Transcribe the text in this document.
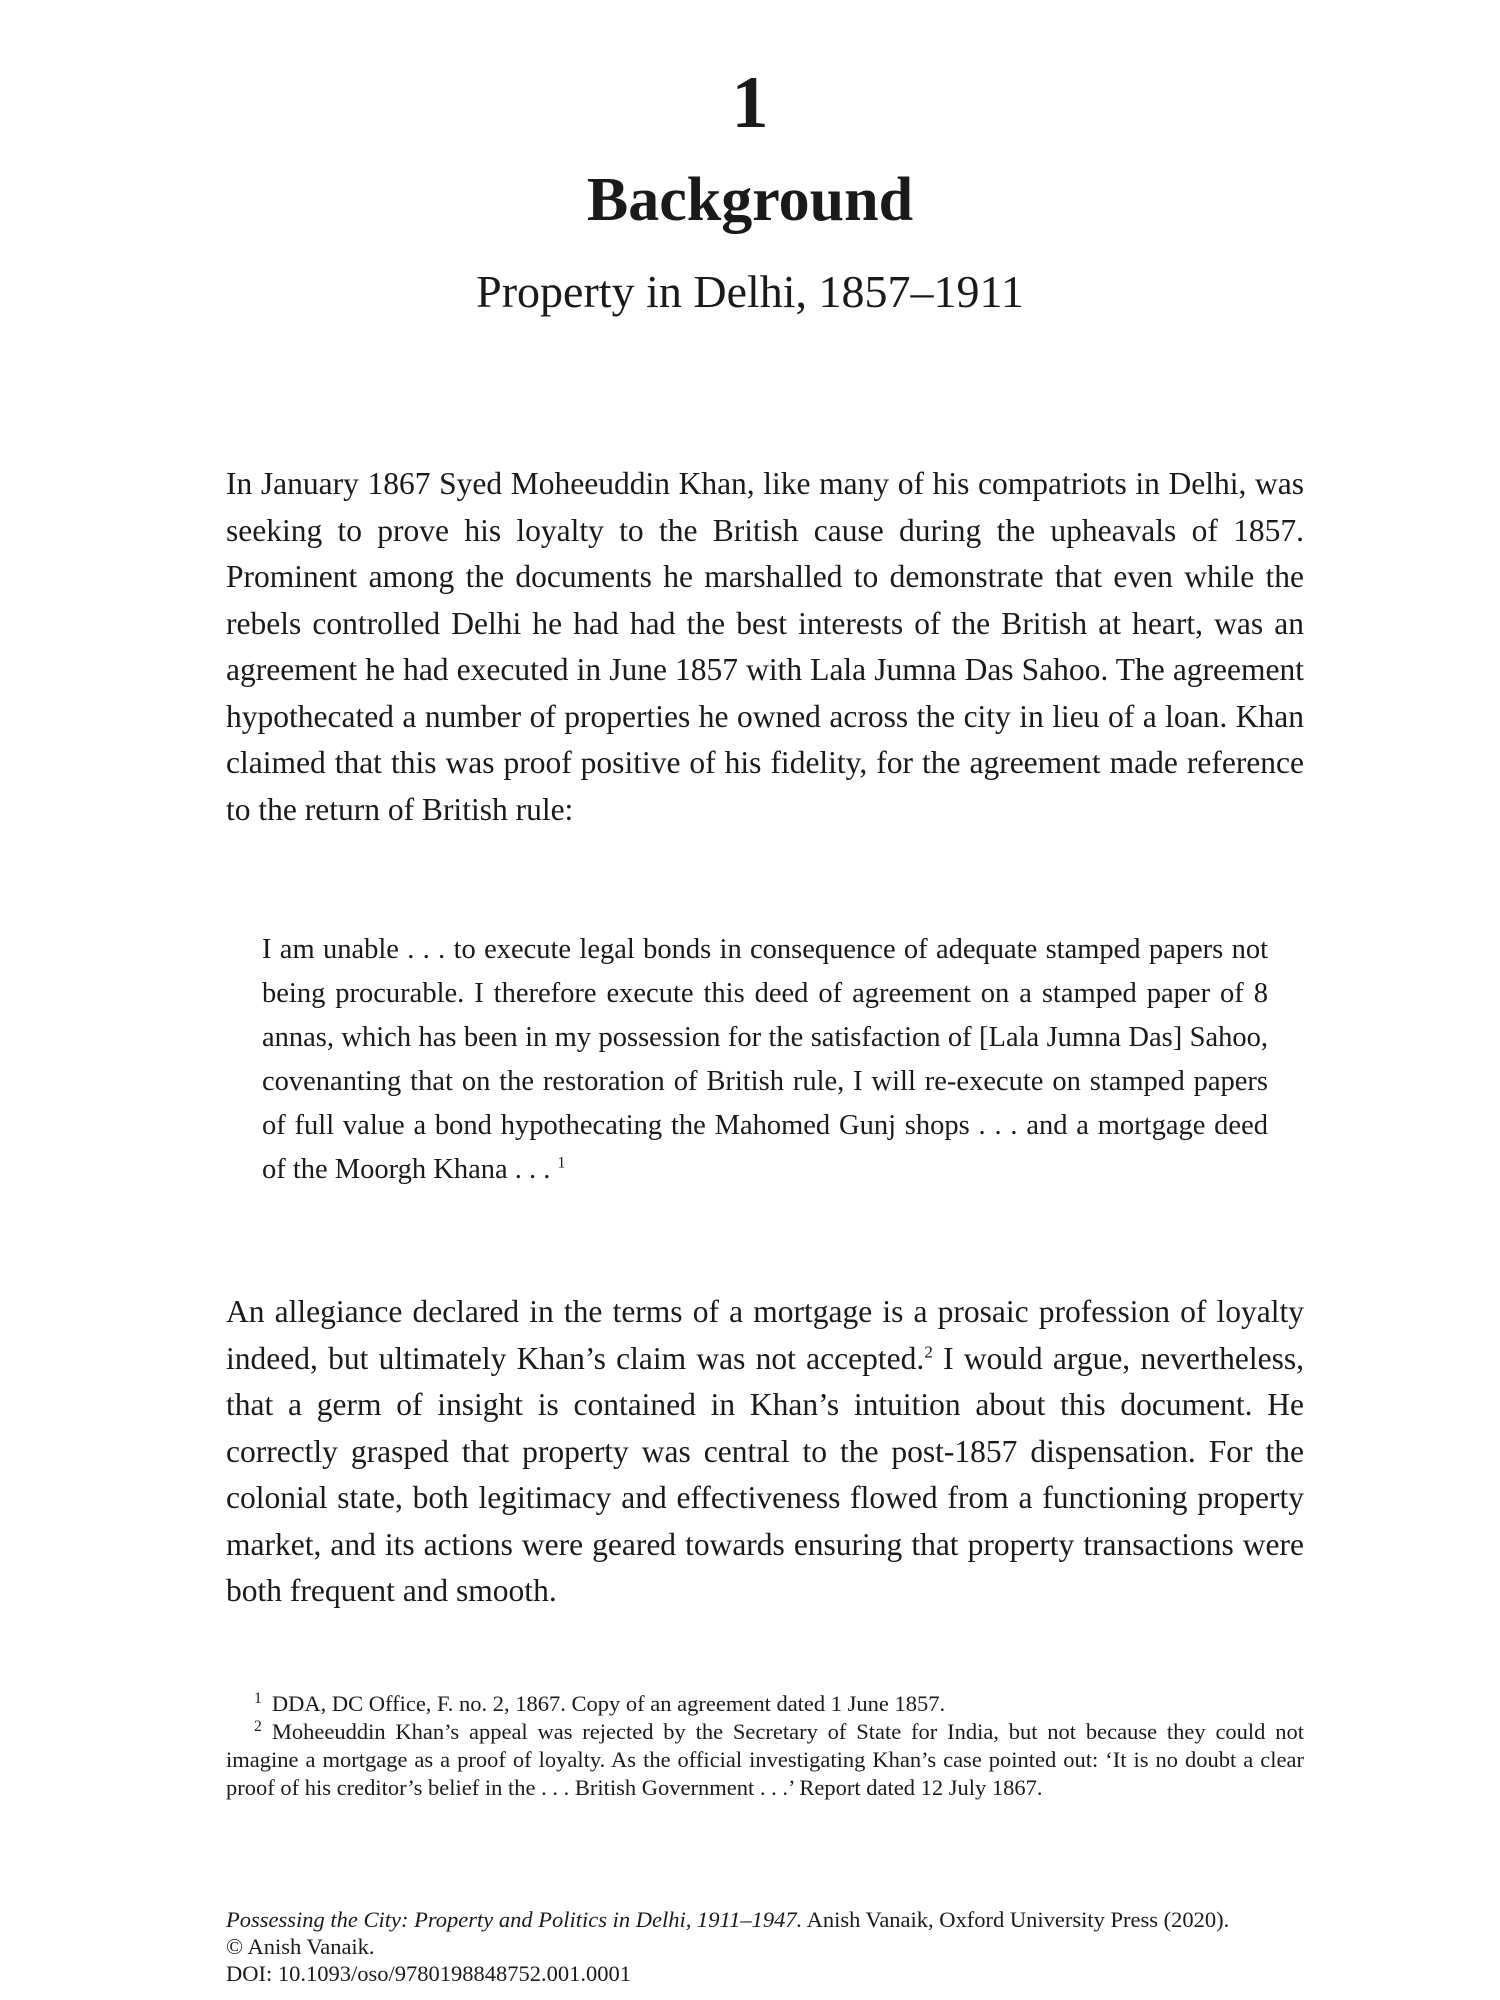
1
Background
Property in Delhi, 1857–1911

In January 1867 Syed Moheeuddin Khan, like many of his compatriots in Delhi, was seeking to prove his loyalty to the British cause during the upheavals of 1857. Prominent among the documents he marshalled to demonstrate that even while the rebels controlled Delhi he had had the best interests of the British at heart, was an agreement he had executed in June 1857 with Lala Jumna Das Sahoo. The agreement hypothecated a number of properties he owned across the city in lieu of a loan. Khan claimed that this was proof positive of his fidelity, for the agreement made reference to the return of British rule:

I am unable . . . to execute legal bonds in consequence of adequate stamped papers not being procurable. I therefore execute this deed of agreement on a stamped paper of 8 annas, which has been in my possession for the satisfaction of [Lala Jumna Das] Sahoo, covenanting that on the restoration of British rule, I will re-execute on stamped papers of full value a bond hypothecating the Mahomed Gunj shops . . . and a mortgage deed of the Moorgh Khana . . . $^1$

An allegiance declared in the terms of a mortgage is a prosaic profession of loyalty indeed, but ultimately Khan’s claim was not accepted.$^2$ I would argue, nevertheless, that a germ of insight is contained in Khan’s intuition about this document. He correctly grasped that property was central to the post-1857 dispensation. For the colonial state, both legitimacy and effectiveness flowed from a functioning property market, and its actions were geared towards ensuring that property transactions were both frequent and smooth.

$^1$ DDA, DC Office, F. no. 2, 1867. Copy of an agreement dated 1 June 1857.

$^2$ Moheeuddin Khan’s appeal was rejected by the Secretary of State for India, but not because they could not imagine a mortgage as a proof of loyalty. As the official investigating Khan’s case pointed out: ‘It is no doubt a clear proof of his creditor’s belief in the . . . British Government . . .’ Report dated 12 July 1867.

Possessing the City: Property and Politics in Delhi, 1911–1947. Anish Vanaik, Oxford University Press (2020).
© Anish Vanaik.
DOI: 10.1093/oso/9780198848752.001.0001
